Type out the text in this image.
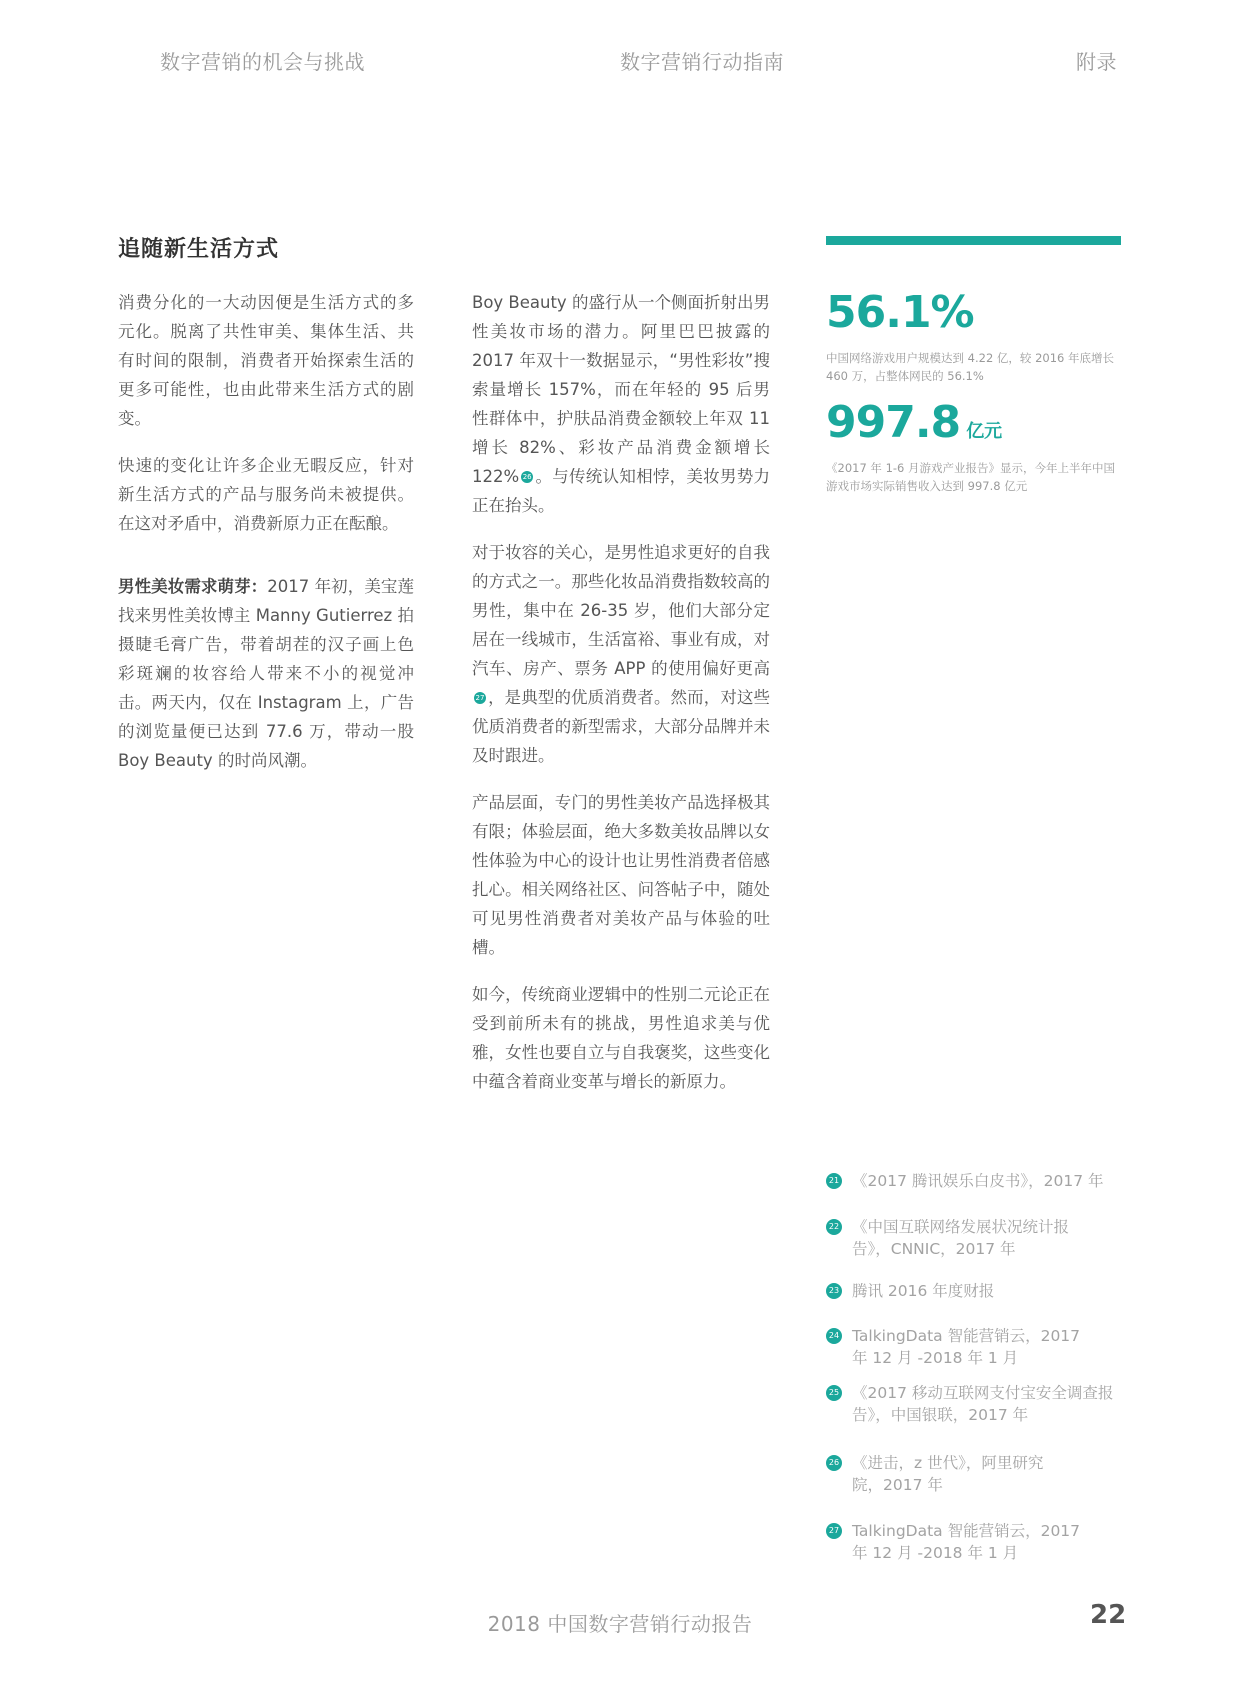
数字营销的机会与挑战	数字营销行动指南	附录
追随新生活方式

消费分化的一大动因便是生活方式的多元化。脱离了共性审美、集体生活、共有时间的限制，消费者开始探索生活的更多可能性，也由此带来生活方式的剧变。

快速的变化让许多企业无暇反应，针对新生活方式的产品与服务尚未被提供。在这对矛盾中，消费新原力正在酝酿。

男性美妆需求萌芽：2017 年初，美宝莲找来男性美妆博主 Manny Gutierrez 拍摄睫毛膏广告，带着胡茬的汉子画上色彩斑斓的妆容给人带来不小的视觉冲击。两天内，仅在 Instagram 上，广告的浏览量便已达到 77.6 万，带动一股 Boy Beauty 的时尚风潮。

Boy Beauty 的盛行从一个侧面折射出男性美妆市场的潜力。阿里巴巴披露的 2017 年双十一数据显示，“男性彩妆”搜索量增长 157%，而在年轻的 95 后男性群体中，护肤品消费金额较上年双 11 增长 82%、彩妆产品消费金额增长 122% 26 。与传统认知相悖，美妆男势力正在抬头。

对于妆容的关心，是男性追求更好的自我的方式之一。那些化妆品消费指数较高的男性，集中在 26-35 岁，他们大部分定居在一线城市，生活富裕、事业有成，对汽车、房产、票务 APP 的使用偏好更高27 ，是典型的优质消费者。然而，对这些优质消费者的新型需求，大部分品牌并未及时跟进。

产品层面，专门的男性美妆产品选择极其有限；体验层面，绝大多数美妆品牌以女性体验为中心的设计也让男性消费者倍感扎心。相关网络社区、问答帖子中，随处可见男性消费者对美妆产品与体验的吐槽。

如今，传统商业逻辑中的性别二元论正在受到前所未有的挑战，男性追求美与优雅，女性也要自立与自我褒奖，这些变化中蕴含着商业变革与增长的新原力。

56.1%
中国网络游戏用户规模达到 4.22 亿，较 2016 年底增长 460 万，占整体网民的 56.1%
997.8 亿元
《2017 年 1-6 月游戏产业报告》显示，今年上半年中国游戏市场实际销售收入达到 997.8 亿元
21 《2017 腾讯娱乐白皮书》，2017 年
22 《中国互联网络发展状况统计报告》，CNNIC，2017 年
23 腾讯 2016 年度财报
24 TalkingData 智能营销云，2017 年 12 月 -2018 年 1 月
25 《2017 移动互联网支付宝安全调查报告》，中国银联，2017 年
26 《进击，z 世代》，阿里研究院，2017 年
27 TalkingData 智能营销云，2017 年 12 月 -2018 年 1 月
2018 中国数字营销行动报告	22
